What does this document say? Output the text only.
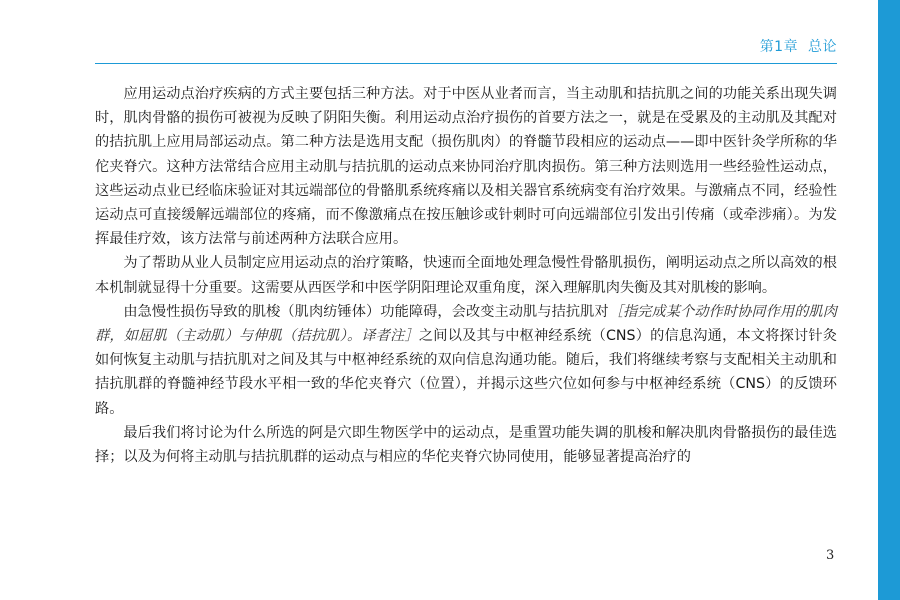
第1章  总论

应用运动点治疗疾病的方式主要包括三种方法。对于中医从业者而言，当主动肌和拮抗肌之间的功能关系出现失调时，肌肉骨骼的损伤可被视为反映了阴阳失衡。利用运动点治疗损伤的首要方法之一，就是在受累及的主动肌及其配对的拮抗肌上应用局部运动点。第二种方法是选用支配（损伤肌肉）的脊髓节段相应的运动点——即中医针灸学所称的华佗夹脊穴。这种方法常结合应用主动肌与拮抗肌的运动点来协同治疗肌肉损伤。第三种方法则选用一些经验性运动点，这些运动点业已经临床验证对其远端部位的骨骼肌系统疼痛以及相关器官系统病变有治疗效果。与激痛点不同，经验性运动点可直接缓解远端部位的疼痛，而不像激痛点在按压触诊或针刺时可向远端部位引发出引传痛（或牵涉痛）。为发挥最佳疗效，该方法常与前述两种方法联合应用。

为了帮助从业人员制定应用运动点的治疗策略，快速而全面地处理急慢性骨骼肌损伤，阐明运动点之所以高效的根本机制就显得十分重要。这需要从西医学和中医学阴阳理论双重角度，深入理解肌肉失衡及其对肌梭的影响。

由急慢性损伤导致的肌梭（肌肉纺锤体）功能障碍，会改变主动肌与拮抗肌对［指完成某个动作时协同作用的肌肉群，如屈肌（主动肌）与伸肌（拮抗肌）。译者注］之间以及其与中枢神经系统（CNS）的信息沟通，本文将探讨针灸如何恢复主动肌与拮抗肌对之间及其与中枢神经系统的双向信息沟通功能。随后，我们将继续考察与支配相关主动肌和拮抗肌群的脊髓神经节段水平相一致的华佗夹脊穴（位置），并揭示这些穴位如何参与中枢神经系统（CNS）的反馈环路。

最后我们将讨论为什么所选的阿是穴即生物医学中的运动点，是重置功能失调的肌梭和解决肌肉骨骼损伤的最佳选择；以及为何将主动肌与拮抗肌群的运动点与相应的华佗夹脊穴协同使用，能够显著提高治疗的

3
